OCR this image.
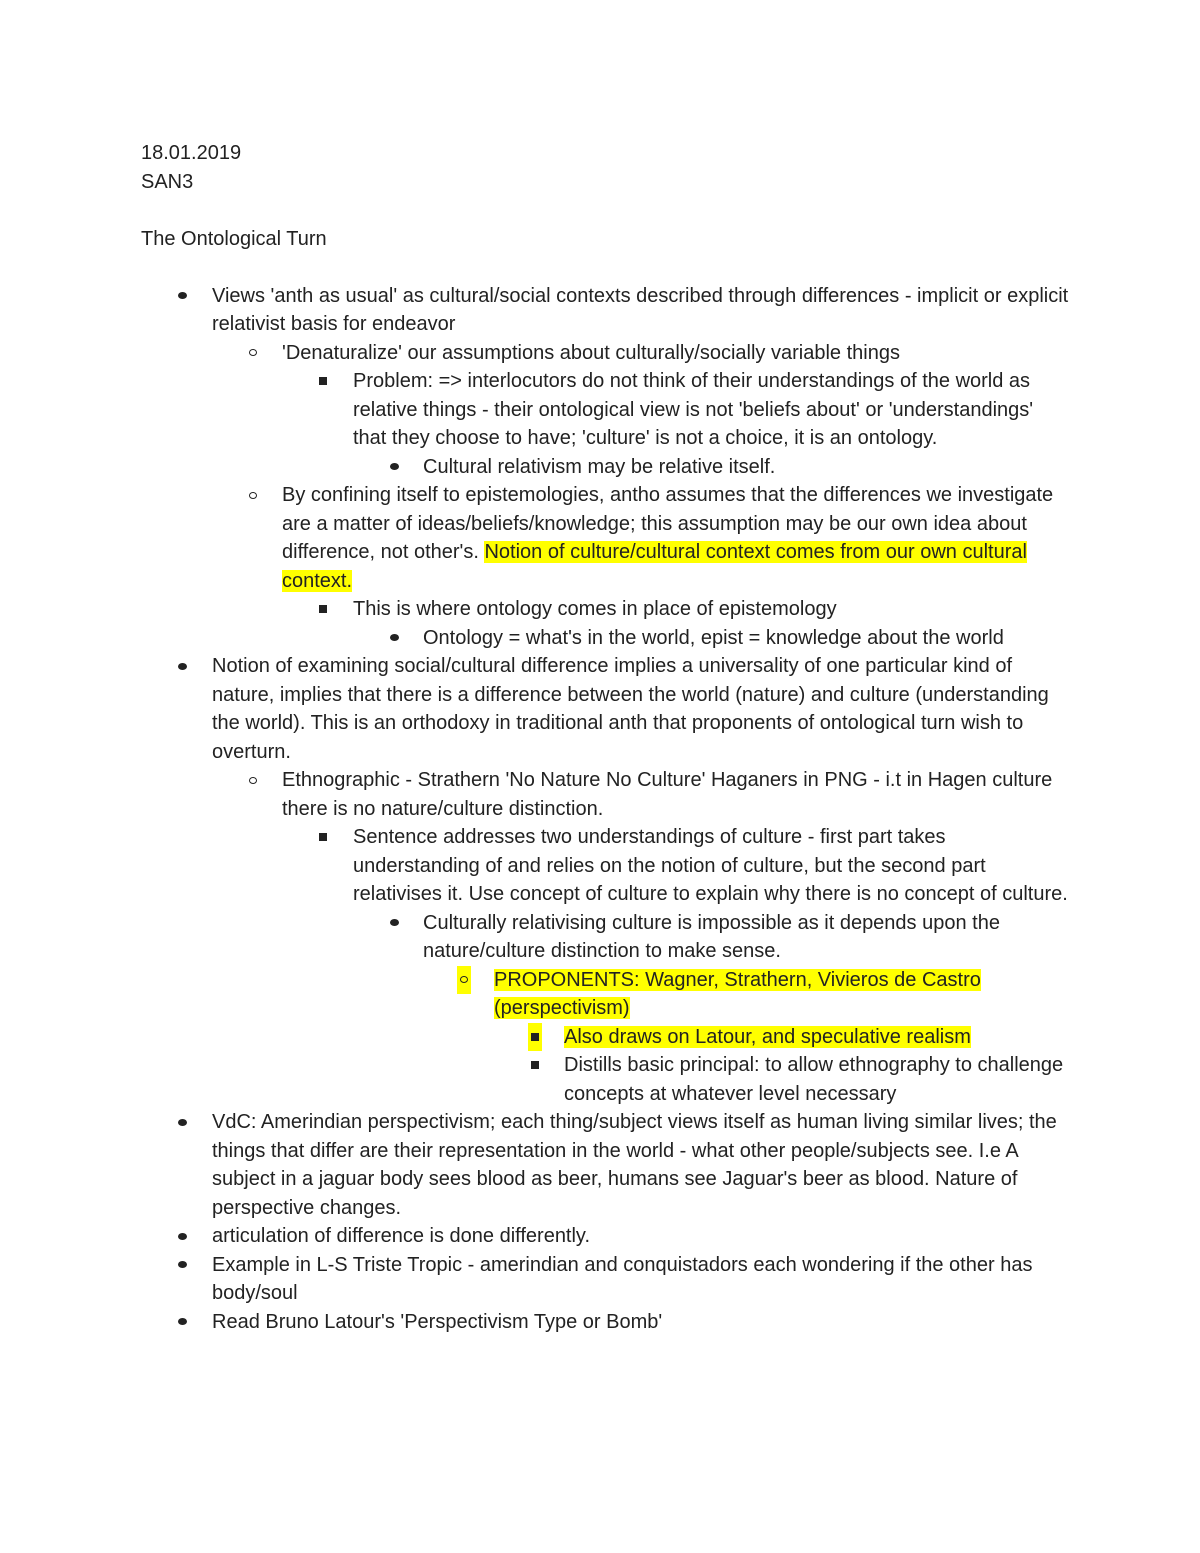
18.01.2019
SAN3
The Ontological Turn
Views 'anth as usual' as cultural/social contexts described through differences - implicit or explicit relativist basis for endeavor
'Denaturalize' our assumptions about culturally/socially variable things
Problem: => interlocutors do not think of their understandings of the world as relative things - their ontological view is not 'beliefs about' or 'understandings' that they choose to have; 'culture' is not a choice, it is an ontology.
Cultural relativism may be relative itself.
By confining itself to epistemologies, antho assumes that the differences we investigate are a matter of ideas/beliefs/knowledge; this assumption may be our own idea about difference, not other's. Notion of culture/cultural context comes from our own cultural context.
This is where ontology comes in place of epistemology
Ontology = what's in the world, epist = knowledge about the world
Notion of examining social/cultural difference implies a universality of one particular kind of nature, implies that there is a difference between the world (nature) and culture (understanding the world). This is an orthodoxy in traditional anth that proponents of ontological turn wish to overturn.
Ethnographic - Strathern 'No Nature No Culture' Haganers in PNG - i.t in Hagen culture there is no nature/culture distinction.
Sentence addresses two understandings of culture - first part takes understanding of and relies on the notion of culture, but the second part relativises it. Use concept of culture to explain why there is no concept of culture.
Culturally relativising culture is impossible as it depends upon the nature/culture distinction to make sense.
PROPONENTS: Wagner, Strathern, Vivieros de Castro (perspectivism)
Also draws on Latour, and speculative realism
Distills basic principal: to allow ethnography to challenge concepts at whatever level necessary
VdC: Amerindian perspectivism; each thing/subject views itself as human living similar lives; the things that differ are their representation in the world - what other people/subjects see. I.e A subject in a jaguar body sees blood as beer, humans see Jaguar's beer as blood. Nature of perspective changes.
articulation of difference is done differently.
Example in L-S Triste Tropic - amerindian and conquistadors each wondering if the other has body/soul
Read Bruno Latour's 'Perspectivism Type or Bomb'
